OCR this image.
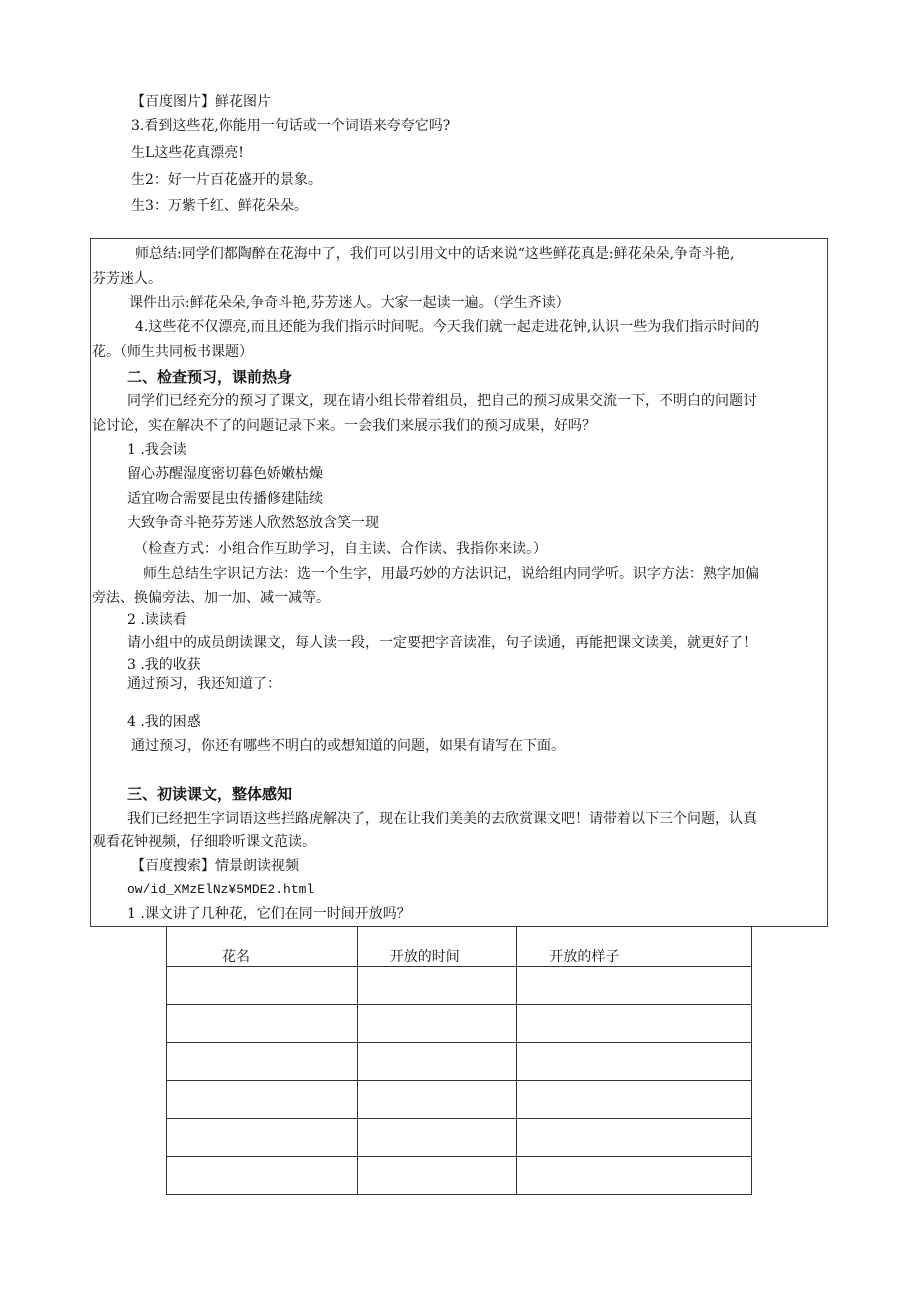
【百度图片】鲜花图片
3.看到这些花,你能用一句话或一个词语来夸夸它吗?
生L这些花真漂亮!
生2：好一片百花盛开的景象。
生3：万紫千红、鲜花朵朵。
师总结:同学们都陶醉在花海中了，我们可以引用文中的话来说“这些鲜花真是:鲜花朵朵,争奇斗艳,
芬芳迷人。
课件出示:鲜花朵朵,争奇斗艳,芬芳迷人。大家一起读一遍。（学生齐读）
4.这些花不仅漂亮,而且还能为我们指示时间呢。今天我们就一起走进花钟,认识一些为我们指示时间的
花。（师生共同板书课题）
二、检查预习，课前热身
同学们已经充分的预习了课文，现在请小组长带着组员，把自己的预习成果交流一下，不明白的问题讨
论讨论，实在解决不了的问题记录下来。一会我们来展示我们的预习成果，好吗？
1 .我会读
留心苏醒湿度密切暮色娇嫩枯燥
适宜吻合需要昆虫传播修建陆续
大致争奇斗艳芬芳迷人欣然怒放含笑一现
（检查方式：小组合作互助学习，自主读、合作读、我指你来读。）
师生总结生字识记方法：选一个生字，用最巧妙的方法识记，说给组内同学听。识字方法：熟字加偏
旁法、换偏旁法、加一加、减一减等。
2 .读读看
请小组中的成员朗读课文，每人读一段，一定要把字音读准，句子读通，再能把课文读美，就更好了！
3 .我的收获
通过预习，我还知道了：
4 .我的困惑
通过预习，你还有哪些不明白的或想知道的问题，如果有请写在下面。
三、初读课文，整体感知
我们已经把生字词语这些拦路虎解决了，现在让我们美美的去欣赏课文吧！请带着以下三个问题，认真
观看花钟视频，仔细聆听课文范读。
【百度搜索】情景朗读视频
ow/id_XMzElNz¥5MDE2.html
1 .课文讲了几种花，它们在同一时间开放吗？
花名	开放的时间	开放的样子
